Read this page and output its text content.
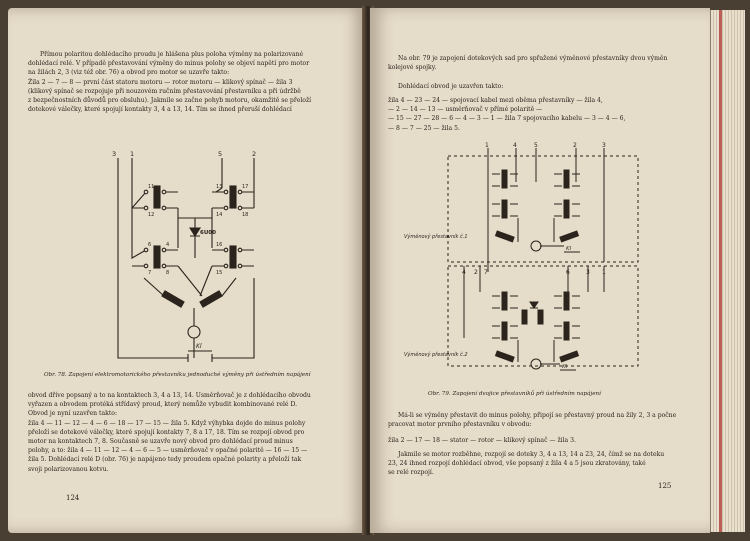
Přímou polaritou dohlédacího proudu je hlášena plus poloha výměny na polarizované
dohlédací relé. V případě přestavování výměny do minus polohy se objeví napětí pro motor
na žilách 2, 3 (viz též obr. 76) a obvod pro motor se uzavře takto:
Žila 2 — 7 — 8 — první část statoru motoru — rotor motoru — klikový spínač — žila 3
(klikový spínač se rozpojuje při nouzovém ručním přestavování přestavníku a při údržbě
z bezpečnostních důvodů pro obsluhu). Jakmile se začne pohyb motoru, okamžitě se přeloží
dotekové válečky, které spojují kontakty 3, 4 a 13, 14. Tím se ihned přeruší dohlédací
3 1	5	2
11
12
13	17
14	18
16
15
6
7	8
4
6U00
Kl
Obr. 78. Zapojení elektromotorického přestavníku jednoduché výměny při ústředním napájení
obvod dříve popsaný a to na kontaktech 3, 4 a 13, 14. Usměrňovač je z dohlédacího obvodu
vyřazen a obvodem protéká střídavý proud, který nemůže vybudit kombinované relé D.
Obvod je nyní uzavřen takto:
žila 4 — 11 — 12 — 4 — 6 — 18 — 17 — 15 — žila 5. Když výhybka dojde do minus polohy
přeloží se dotekové válečky, které spojují kontakty 7, 8 a 17, 18. Tím se rozpojí obvod pro
motor na kontaktech 7, 8. Současně se uzavře nový obvod pro dohlédací proud minus
polohy, a to: žila 4 — 11 — 12 — 4 — 6 — 5 — usměrňovač v opačné polaritě — 16 — 15 —
žila 5. Dohlédací relé D (obr. 76) je napájeno tedy proudem opačné polarity a přeloží tak
svoji polarizovanou kotvu.
124
Na obr. 79 je zapojení dotekových sad pro spřažené výměnové přestavníky dvou výměn
kolejové spojky.
Dohlédací obvod je uzavřen takto:
žila 4 — 23 — 24 — spojovací kabel mezi oběma přestavníky — žila 4,
— 2 — 14 — 13 — usměrňovač v přímé polaritě —
— 15 — 27 — 28 — 6 — 4 — 3 — 1 — žila 7 spojovacího kabelu — 3 — 4 — 6,
— 8 — 7 — 25 — žila 5.
1	4	5	2	3
4 2 7	6	3 1
Výměnový přestavník č.1
Výměnový přestavník č.2
Kl
Kl
Obr. 79. Zapojení dvojice přestavníků při ústředním napájení
Má-li se výměny přestavit do minus polohy, připojí se přestavný proud na žily 2, 3 a počne
pracovat motor prvního přestavníku v obvodu:
žila 2 — 17 — 18 — stator — rotor — klikový spínač — žila 3.
Jakmile se motor rozběhne, rozpojí se doteky 3, 4 a 13, 14 a 23, 24, čímž se na doteku
23, 24 ihned rozpojí dohlédací obvod, vše popsaný z žila 4 a 5 jsou zkratovány, také
se relé rozpojí.
125
